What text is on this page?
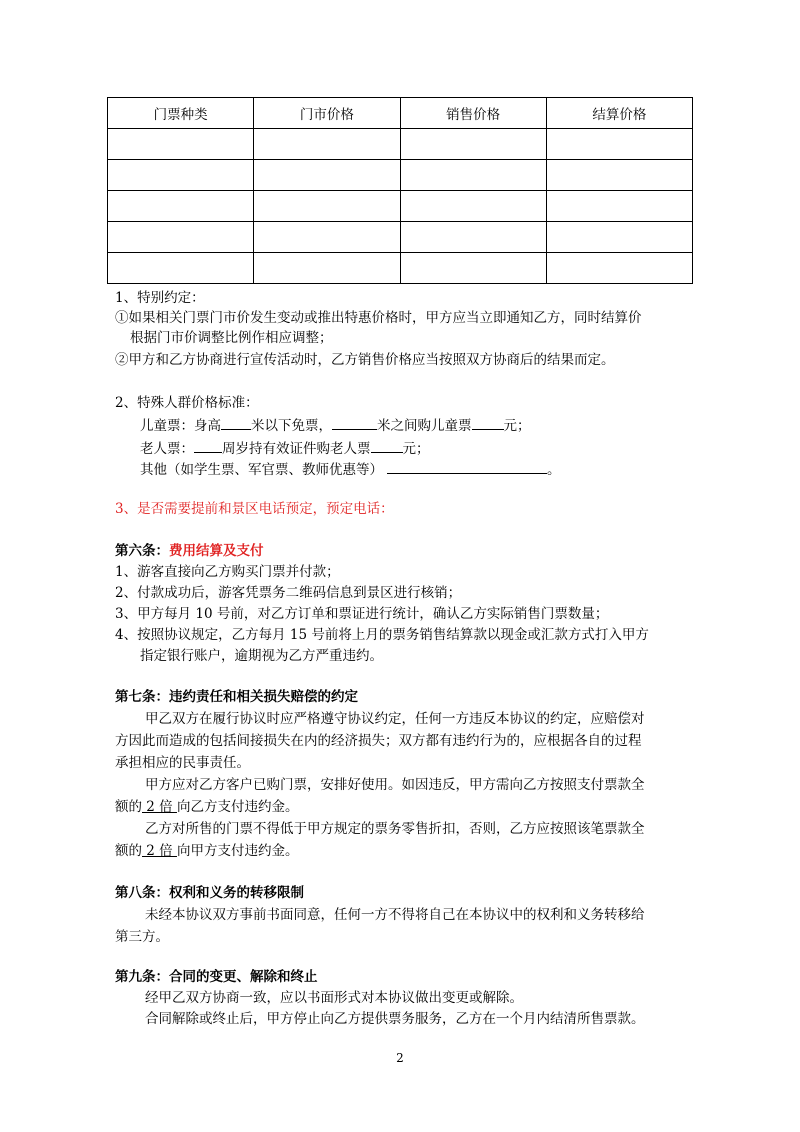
门票种类	门市价格	销售价格	结算价格

1、特别约定：
①如果相关门票门市价发生变动或推出特惠价格时，甲方应当立即通知乙方，同时结算价
根据门市价调整比例作相应调整；
②甲方和乙方协商进行宣传活动时，乙方销售价格应当按照双方协商后的结果而定。
2、特殊人群价格标准：
儿童票：身高 米以下免票，	米之间购儿童票 元；
老人票： 周岁持有效证件购老人票 元；
其他（如学生票、军官票、教师优惠等）	。
3、是否需要提前和景区电话预定，预定电话：
第六条：费用结算及支付
1、游客直接向乙方购买门票并付款；
2、付款成功后，游客凭票务二维码信息到景区进行核销；
3、甲方每月 10 号前，对乙方订单和票证进行统计，确认乙方实际销售门票数量；
4、按照协议规定，乙方每月 15 号前将上月的票务销售结算款以现金或汇款方式打入甲方
指定银行账户，逾期视为乙方严重违约。
第七条：违约责任和相关损失赔偿的约定
甲乙双方在履行协议时应严格遵守协议约定，任何一方违反本协议的约定，应赔偿对
方因此而造成的包括间接损失在内的经济损失；双方都有违约行为的，应根据各自的过程
承担相应的民事责任。
甲方应对乙方客户已购门票，安排好使用。如因违反，甲方需向乙方按照支付票款全
额的 2 倍 向乙方支付违约金。
乙方对所售的门票不得低于甲方规定的票务零售折扣，否则，乙方应按照该笔票款全
额的 2 倍 向甲方支付违约金。
第八条：权利和义务的转移限制
未经本协议双方事前书面同意，任何一方不得将自己在本协议中的权利和义务转移给
第三方。
第九条：合同的变更、解除和终止
经甲乙双方协商一致，应以书面形式对本协议做出变更或解除。
合同解除或终止后，甲方停止向乙方提供票务服务，乙方在一个月内结清所售票款。
2
